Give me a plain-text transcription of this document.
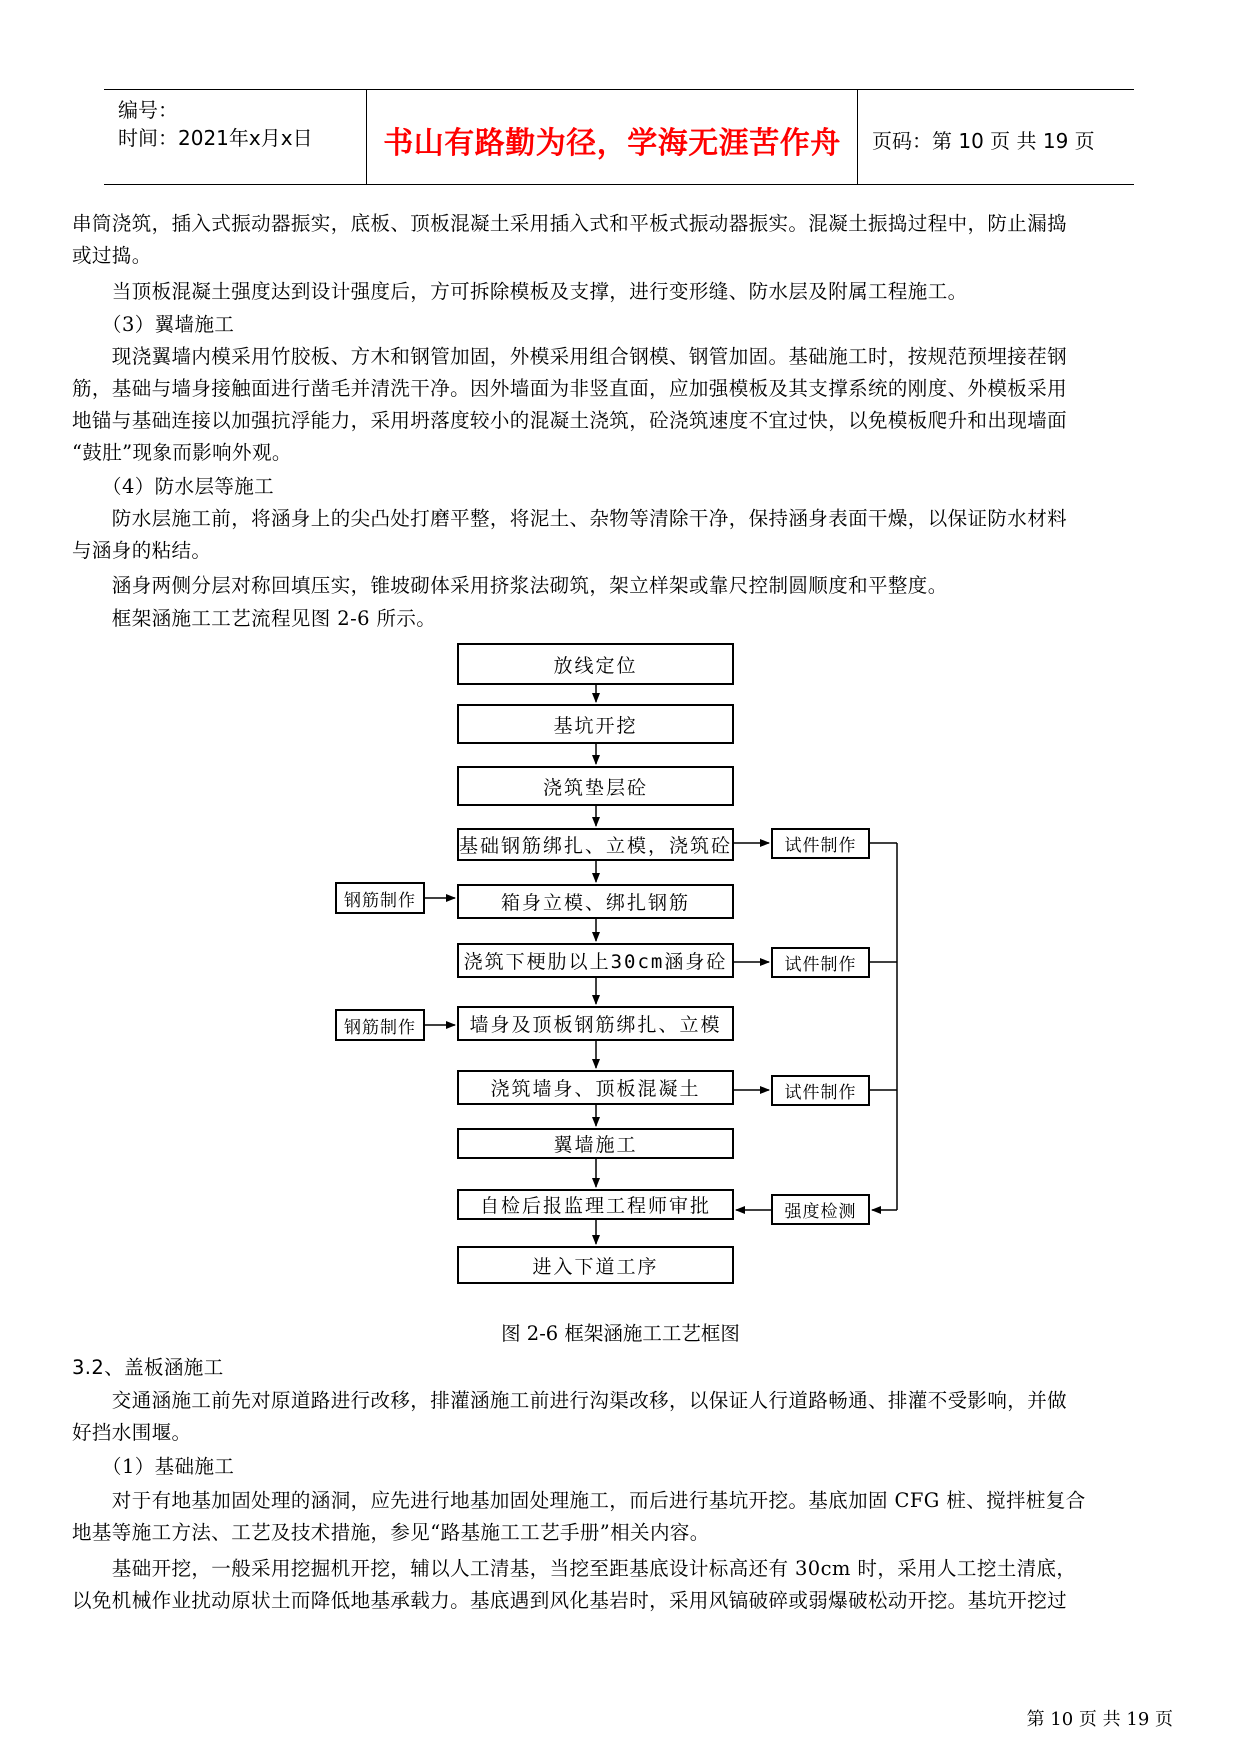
编号：
时间：2021年x月x日	书山有路勤为径，学海无涯苦作舟	页码：第 10 页 共 19 页
串筒浇筑，插入式振动器振实，底板、顶板混凝土采用插入式和平板式振动器振实。混凝土振捣过程中，防止漏捣
或过捣。
　　当顶板混凝土强度达到设计强度后，方可拆除模板及支撑，进行变形缝、防水层及附属工程施工。
　　（3）翼墙施工
　　现浇翼墙内模采用竹胶板、方木和钢管加固，外模采用组合钢模、钢管加固。基础施工时，按规范预埋接茬钢
筋，基础与墙身接触面进行凿毛并清洗干净。因外墙面为非竖直面，应加强模板及其支撑系统的刚度、外模板采用
地锚与基础连接以加强抗浮能力，采用坍落度较小的混凝土浇筑，砼浇筑速度不宜过快，以免模板爬升和出现墙面
“鼓肚”现象而影响外观。
　　（4）防水层等施工
　　防水层施工前，将涵身上的尖凸处打磨平整，将泥土、杂物等清除干净，保持涵身表面干燥，以保证防水材料
与涵身的粘结。
　　涵身两侧分层对称回填压实，锥坡砌体采用挤浆法砌筑，架立样架或靠尺控制圆顺度和平整度。
　　框架涵施工工艺流程见图 2-6 所示。
放线定位
基坑开挖
浇筑垫层砼
基础钢筋绑扎、立模，浇筑砼
箱身立模、绑扎钢筋
浇筑下梗肋以上30cm涵身砼
墙身及顶板钢筋绑扎、立模
浇筑墙身、顶板混凝土
翼墙施工
自检后报监理工程师审批
进入下道工序
试件制作
试件制作
试件制作
强度检测
钢筋制作
钢筋制作
图 2-6 框架涵施工工艺框图
3.2、盖板涵施工
　　交通涵施工前先对原道路进行改移，排灌涵施工前进行沟渠改移，以保证人行道路畅通、排灌不受影响，并做
好挡水围堰。
　　（1）基础施工
　　对于有地基加固处理的涵洞，应先进行地基加固处理施工，而后进行基坑开挖。基底加固 CFG 桩、搅拌桩复合
地基等施工方法、工艺及技术措施，参见“路基施工工艺手册”相关内容。
　　基础开挖，一般采用挖掘机开挖，辅以人工清基，当挖至距基底设计标高还有 30cm 时，采用人工挖土清底，
以免机械作业扰动原状土而降低地基承载力。基底遇到风化基岩时，采用风镐破碎或弱爆破松动开挖。基坑开挖过
第 10 页 共 19 页
